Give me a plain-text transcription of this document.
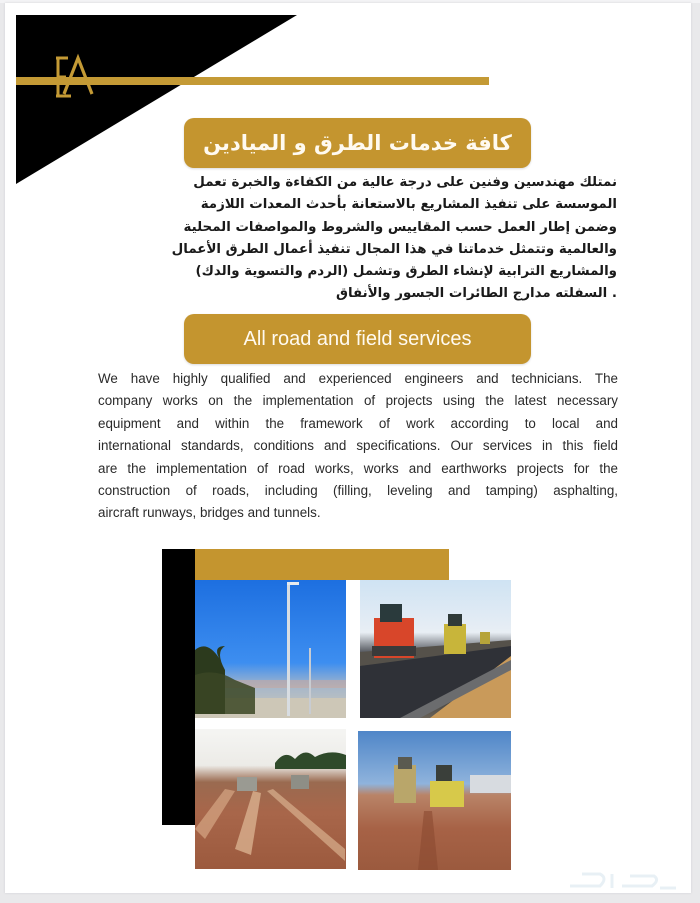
كافة خدمات الطرق و الميادين
نمتلك مهندسين وفنين على درجة عالية من الكفاءة والخبرة تعمل
الموسسة على تنفيذ المشاريع بالاستعانة بأحدث المعدات اللازمة
وضمن إطار العمل حسب المقاييس والشروط والمواصفات المحلية
والعالمية وتتمثل خدماتنا في هذا المجال تنفيذ أعمال الطرق الأعمال
والمشاريع الترابية لإنشاء الطرق وتشمل (الردم والتسوية والدك)
. السفلته مدارج الطائرات الجسور والأنفاق
All road and field services
We have highly qualified and experienced engineers and technicians. The
company works on the implementation of projects using the latest necessary
equipment and within the framework of work according to local and
international standards, conditions and specifications. Our services in this field
are the implementation of road works, works and earthworks projects for the
construction of roads, including (filling, leveling and tamping) asphalting,
aircraft runways, bridges and tunnels.
